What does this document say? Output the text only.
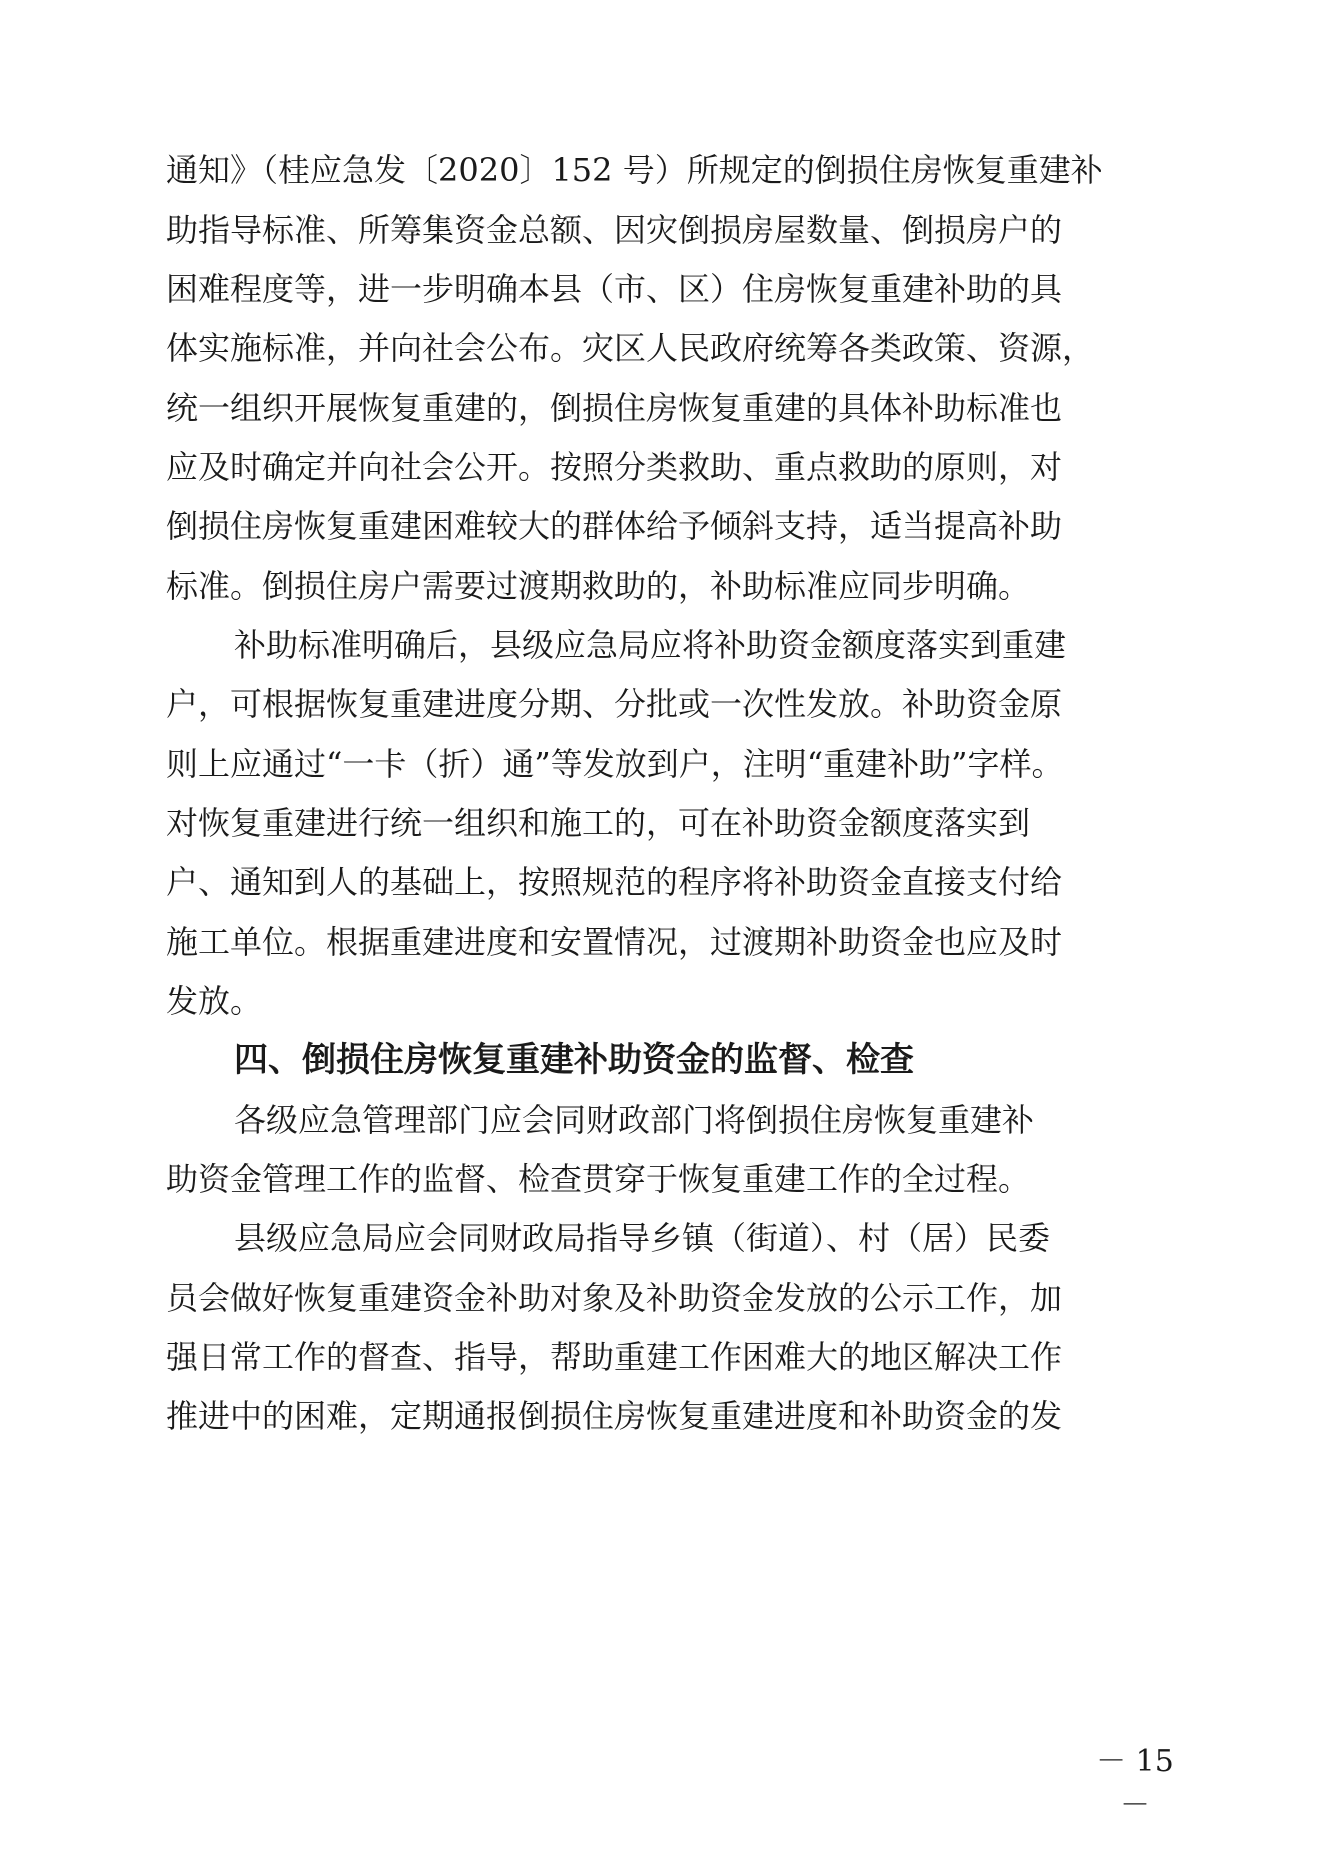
通知》（桂应急发〔2020〕152 号）所规定的倒损住房恢复重建补
助指导标准、所筹集资金总额、因灾倒损房屋数量、倒损房户的
困难程度等，进一步明确本县（市、区）住房恢复重建补助的具
体实施标准，并向社会公布。灾区人民政府统筹各类政策、资源，
统一组织开展恢复重建的，倒损住房恢复重建的具体补助标准也
应及时确定并向社会公开。按照分类救助、重点救助的原则，对
倒损住房恢复重建困难较大的群体给予倾斜支持，适当提高补助
标准。倒损住房户需要过渡期救助的，补助标准应同步明确。
补助标准明确后，县级应急局应将补助资金额度落实到重建
户，可根据恢复重建进度分期、分批或一次性发放。补助资金原
则上应通过“一卡（折）通”等发放到户，注明“重建补助”字样。
对恢复重建进行统一组织和施工的，可在补助资金额度落实到
户、通知到人的基础上，按照规范的程序将补助资金直接支付给
施工单位。根据重建进度和安置情况，过渡期补助资金也应及时
发放。
四、倒损住房恢复重建补助资金的监督、检查
各级应急管理部门应会同财政部门将倒损住房恢复重建补
助资金管理工作的监督、检查贯穿于恢复重建工作的全过程。
县级应急局应会同财政局指导乡镇（街道）、村（居）民委
员会做好恢复重建资金补助对象及补助资金发放的公示工作，加
强日常工作的督查、指导，帮助重建工作困难大的地区解决工作
推进中的困难，定期通报倒损住房恢复重建进度和补助资金的发
－ 15 －
